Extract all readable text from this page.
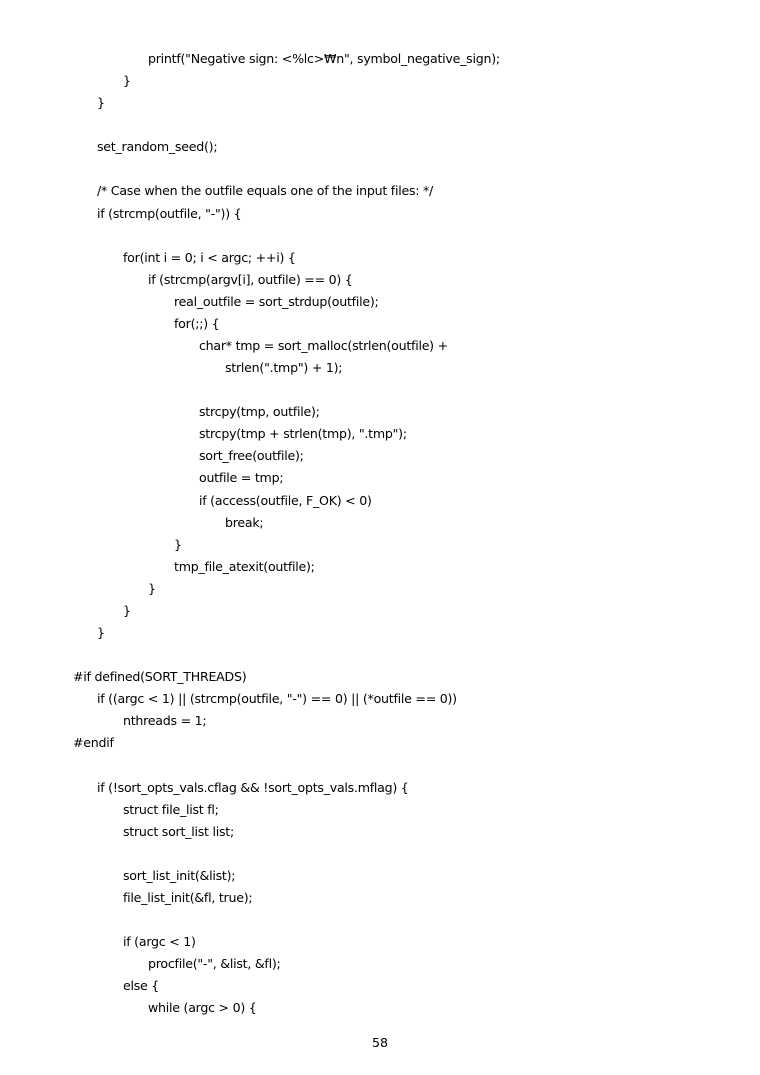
printf("Negative sign: <%lc>₩n", symbol_negative_sign);
}
}
set_random_seed();
/* Case when the outfile equals one of the input files: */
if (strcmp(outfile, "-")) {
for(int i = 0; i < argc; ++i) {
if (strcmp(argv[i], outfile) == 0) {
real_outfile = sort_strdup(outfile);
for(;;) {
char* tmp = sort_malloc(strlen(outfile) +
strlen(".tmp") + 1);
strcpy(tmp, outfile);
strcpy(tmp + strlen(tmp), ".tmp");
sort_free(outfile);
outfile = tmp;
if (access(outfile, F_OK) < 0)
break;
}
tmp_file_atexit(outfile);
}
}
}
#if defined(SORT_THREADS)
if ((argc < 1) || (strcmp(outfile, "-") == 0) || (*outfile == 0))
nthreads = 1;
#endif
if (!sort_opts_vals.cflag && !sort_opts_vals.mflag) {
struct file_list fl;
struct sort_list list;
sort_list_init(&list);
file_list_init(&fl, true);
if (argc < 1)
procfile("-", &list, &fl);
else {
while (argc > 0) {
58
